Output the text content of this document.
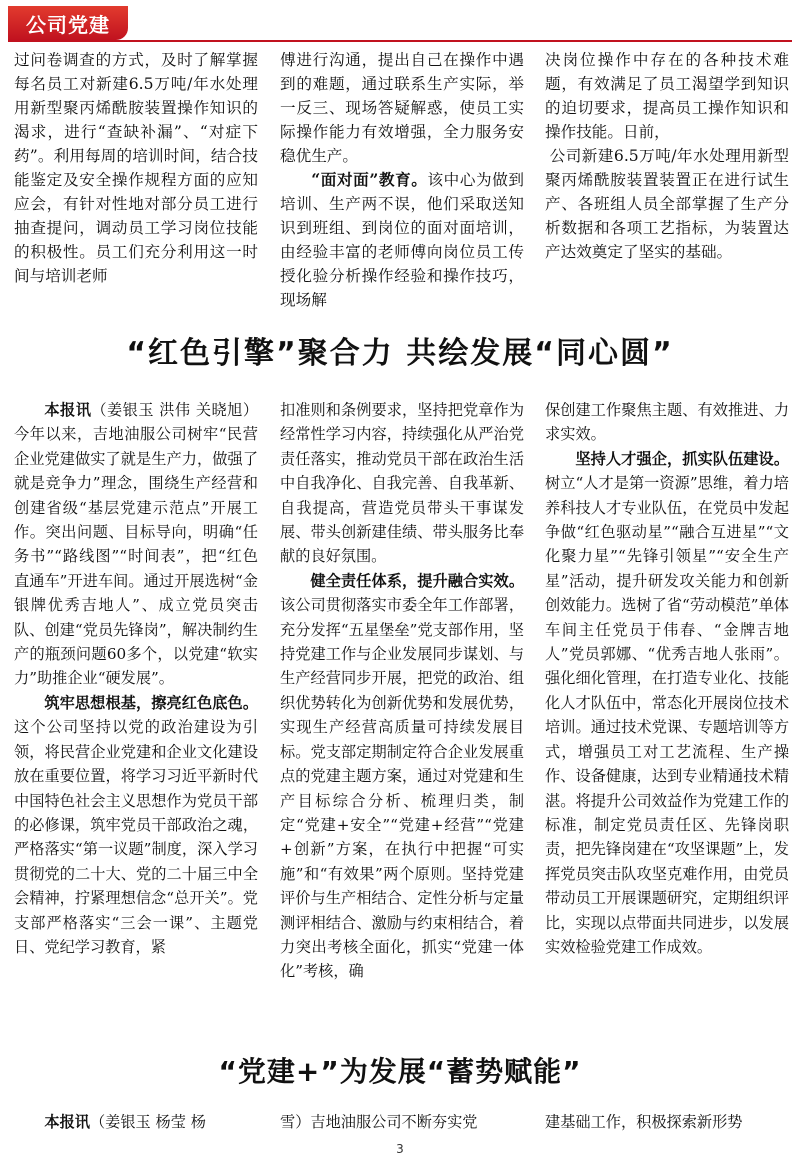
公司党建

过问卷调查的方式，及时了解掌握每名员工对新建6.5万吨/年水处理用新型聚丙烯酰胺装置操作知识的渴求，进行“查缺补漏”、“对症下药”。利用每周的培训时间，结合技能鉴定及安全操作规程方面的应知应会，有针对性地对部分员工进行抽查提问，调动员工学习岗位技能的积极性。员工们充分利用这一时间与培训老师

傅进行沟通，提出自己在操作中遇到的难题，通过联系生产实际，举一反三、现场答疑解惑，使员工实际操作能力有效增强，全力服务安稳优生产。

“面对面”教育。该中心为做到培训、生产两不误，他们采取送知识到班组、到岗位的面对面培训，由经验丰富的老师傅向岗位员工传授化验分析操作经验和操作技巧，现场解

决岗位操作中存在的各种技术难题，有效满足了员工渴望学到知识的迫切要求，提高员工操作知识和操作技能。日前，

公司新建6.5万吨/年水处理用新型聚丙烯酰胺装置装置正在进行试生产、各班组人员全部掌握了生产分析数据和各项工艺指标，为装置达产达效奠定了坚实的基础。

“红色引擎”聚合力 共绘发展“同心圆”

本报讯（姜银玉 洪伟 关晓旭）今年以来，吉地油服公司树牢“民营企业党建做实了就是生产力，做强了就是竞争力”理念，围绕生产经营和创建省级“基层党建示范点”开展工作。突出问题、目标导向，明确“任务书”“路线图”“时间表”，把“红色直通车”开进车间。通过开展选树“金银牌优秀吉地人”、成立党员突击队、创建“党员先锋岗”，解决制约生产的瓶颈问题60多个，以党建“软实力”助推企业“硬发展”。

筑牢思想根基，擦亮红色底色。这个公司坚持以党的政治建设为引领，将民营企业党建和企业文化建设放在重要位置，将学习习近平新时代中国特色社会主义思想作为党员干部的必修课，筑牢党员干部政治之魂，严格落实“第一议题”制度，深入学习贯彻党的二十大、党的二十届三中全会精神，拧紧理想信念“总开关”。党支部严格落实“三会一课”、主题党日、党纪学习教育，紧

扣准则和条例要求，坚持把党章作为经常性学习内容，持续强化从严治党责任落实，推动党员干部在政治生活中自我净化、自我完善、自我革新、自我提高，营造党员带头干事谋发展、带头创新建佳绩、带头服务比奉献的良好氛围。

健全责任体系，提升融合实效。该公司贯彻落实市委全年工作部署，充分发挥“五星堡垒”党支部作用，坚持党建工作与企业发展同步谋划、与生产经营同步开展，把党的政治、组织优势转化为创新优势和发展优势，实现生产经营高质量可持续发展目标。党支部定期制定符合企业发展重点的党建主题方案，通过对党建和生产目标综合分析、梳理归类，制定“党建+安全”“党建+经营”“党建+创新”方案，在执行中把握“可实施”和“有效果”两个原则。坚持党建评价与生产相结合、定性分析与定量测评相结合、激励与约束相结合，着力突出考核全面化，抓实“党建一体化”考核，确

保创建工作聚焦主题、有效推进、力求实效。

坚持人才强企，抓实队伍建设。树立“人才是第一资源”思维，着力培养科技人才专业队伍，在党员中发起争做“红色驱动星”“融合互进星”“文化聚力星”“先锋引领星”“安全生产星”活动，提升研发攻关能力和创新创效能力。选树了省“劳动模范”单体车间主任党员于伟春、“金牌吉地人”党员郭娜、“优秀吉地人张雨”。强化细化管理，在打造专业化、技能化人才队伍中，常态化开展岗位技术培训。通过技术党课、专题培训等方式，增强员工对工艺流程、生产操作、设备健康，达到专业精通技术精湛。将提升公司效益作为党建工作的标准，制定党员责任区、先锋岗职责，把先锋岗建在“攻坚课题”上，发挥党员突击队攻坚克难作用，由党员带动员工开展课题研究，定期组织评比，实现以点带面共同进步，以发展实效检验党建工作成效。

“党建+”为发展“蓄势赋能”

本报讯（姜银玉 杨莹 杨	雪）吉地油服公司不断夯实党	建基础工作，积极探索新形势

3
